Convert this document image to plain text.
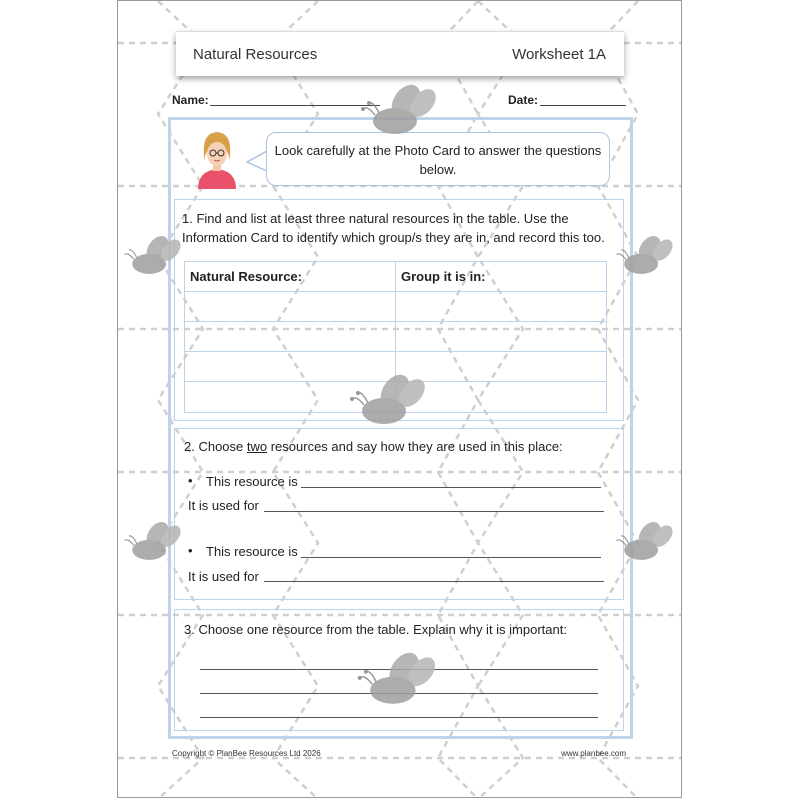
Natural Resources	Worksheet 1A
Name:	Date:
Look carefully at the Photo Card to answer the questions below.
1. Find and list at least three natural resources in the table. Use the Information Card to identify which group/s they are in, and record this too.
Natural Resource:	Group it is in:
2. Choose two resources and say how they are used in this place:
• This resource is
It is used for
• This resource is
It is used for
3. Choose one resource from the table. Explain why it is important:
Copyright © PlanBee Resources Ltd 2026	www.planbee.com
